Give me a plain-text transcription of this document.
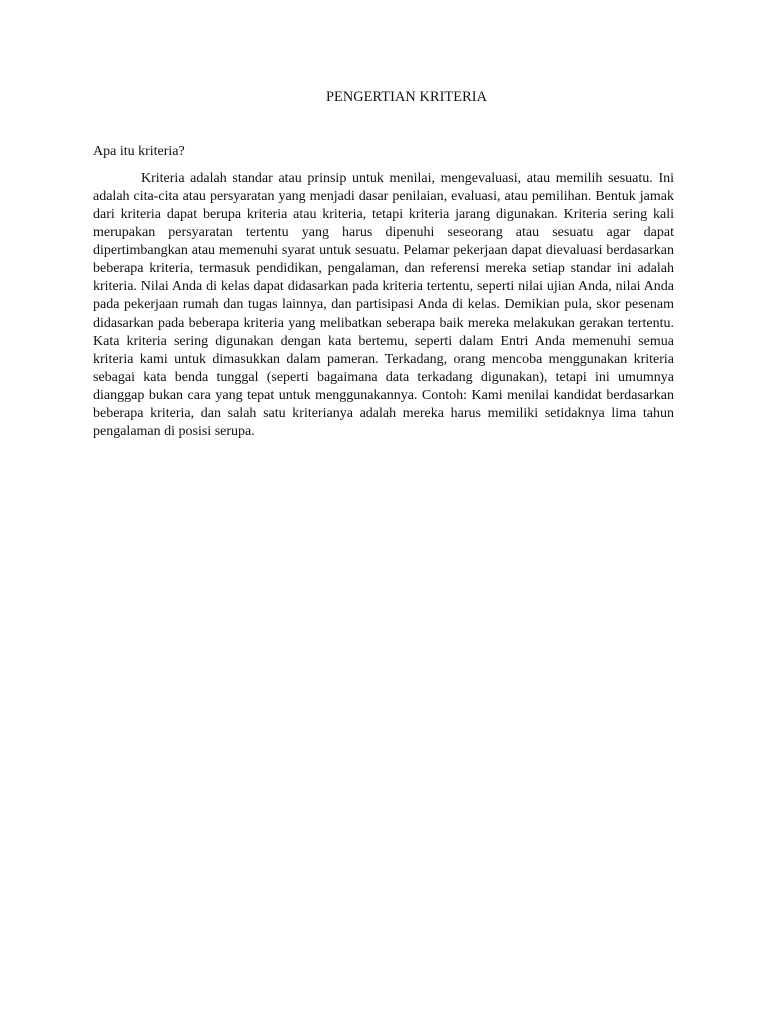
PENGERTIAN KRITERIA
Apa itu kriteria?

Kriteria adalah standar atau prinsip untuk menilai, mengevaluasi, atau memilih sesuatu. Ini adalah cita-cita atau persyaratan yang menjadi dasar penilaian, evaluasi, atau pemilihan. Bentuk jamak dari kriteria dapat berupa kriteria atau kriteria, tetapi kriteria jarang digunakan. Kriteria sering kali merupakan persyaratan tertentu yang harus dipenuhi seseorang atau sesuatu agar dapat dipertimbangkan atau memenuhi syarat untuk sesuatu. Pelamar pekerjaan dapat dievaluasi berdasarkan beberapa kriteria, termasuk pendidikan, pengalaman, dan referensi mereka setiap standar ini adalah kriteria. Nilai Anda di kelas dapat didasarkan pada kriteria tertentu, seperti nilai ujian Anda, nilai Anda pada pekerjaan rumah dan tugas lainnya, dan partisipasi Anda di kelas. Demikian pula, skor pesenam didasarkan pada beberapa kriteria yang melibatkan seberapa baik mereka melakukan gerakan tertentu. Kata kriteria sering digunakan dengan kata bertemu, seperti dalam Entri Anda memenuhi semua kriteria kami untuk dimasukkan dalam pameran. Terkadang, orang mencoba menggunakan kriteria sebagai kata benda tunggal (seperti bagaimana data terkadang digunakan), tetapi ini umumnya dianggap bukan cara yang tepat untuk menggunakannya. Contoh: Kami menilai kandidat berdasarkan beberapa kriteria, dan salah satu kriterianya adalah mereka harus memiliki setidaknya lima tahun pengalaman di posisi serupa.
